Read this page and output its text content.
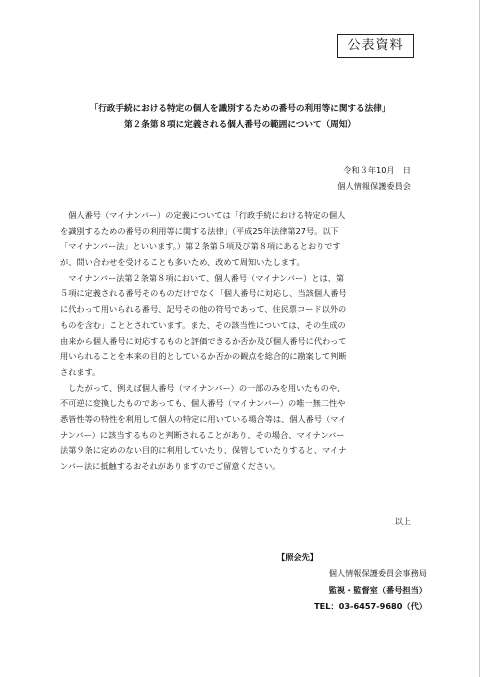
公表資料
「行政手続における特定の個人を識別するための番号の利用等に関する法律」
第２条第８項に定義される個人番号の範囲について（周知）
令和３年10月　日
個人情報保護委員会
　個人番号（マイナンバー）の定義については「行政手続における特定の個人
を識別するための番号の利用等に関する法律」（平成25年法律第27号。以下
「マイナンバー法」といいます。）第２条第５項及び第８項にあるとおりです
が、問い合わせを受けることも多いため、改めて周知いたします。
　マイナンバー法第２条第８項において、個人番号（マイナンバー）とは、第
５項に定義される番号そのものだけでなく「個人番号に対応し、当該個人番号
に代わって用いられる番号、記号その他の符号であって、住民票コード以外の
ものを含む」こととされています。また、その該当性については、その生成の
由来から個人番号に対応するものと評価できるか否か及び個人番号に代わって
用いられることを本来の目的としているか否かの観点を総合的に勘案して判断
されます。
　したがって、例えば個人番号（マイナンバー）の一部のみを用いたものや、
不可逆に変換したものであっても、個人番号（マイナンバー）の唯一無二性や
悉皆性等の特性を利用して個人の特定に用いている場合等は、個人番号（マイ
ナンバー）に該当するものと判断されることがあり、その場合、マイナンバー
法第９条に定めのない目的に利用していたり、保管していたりすると、マイナ
ンバー法に抵触するおそれがありますのでご留意ください。
以上
【照会先】
個人情報保護委員会事務局
監視・監督室（番号担当）
TEL：03-6457-9680（代）
